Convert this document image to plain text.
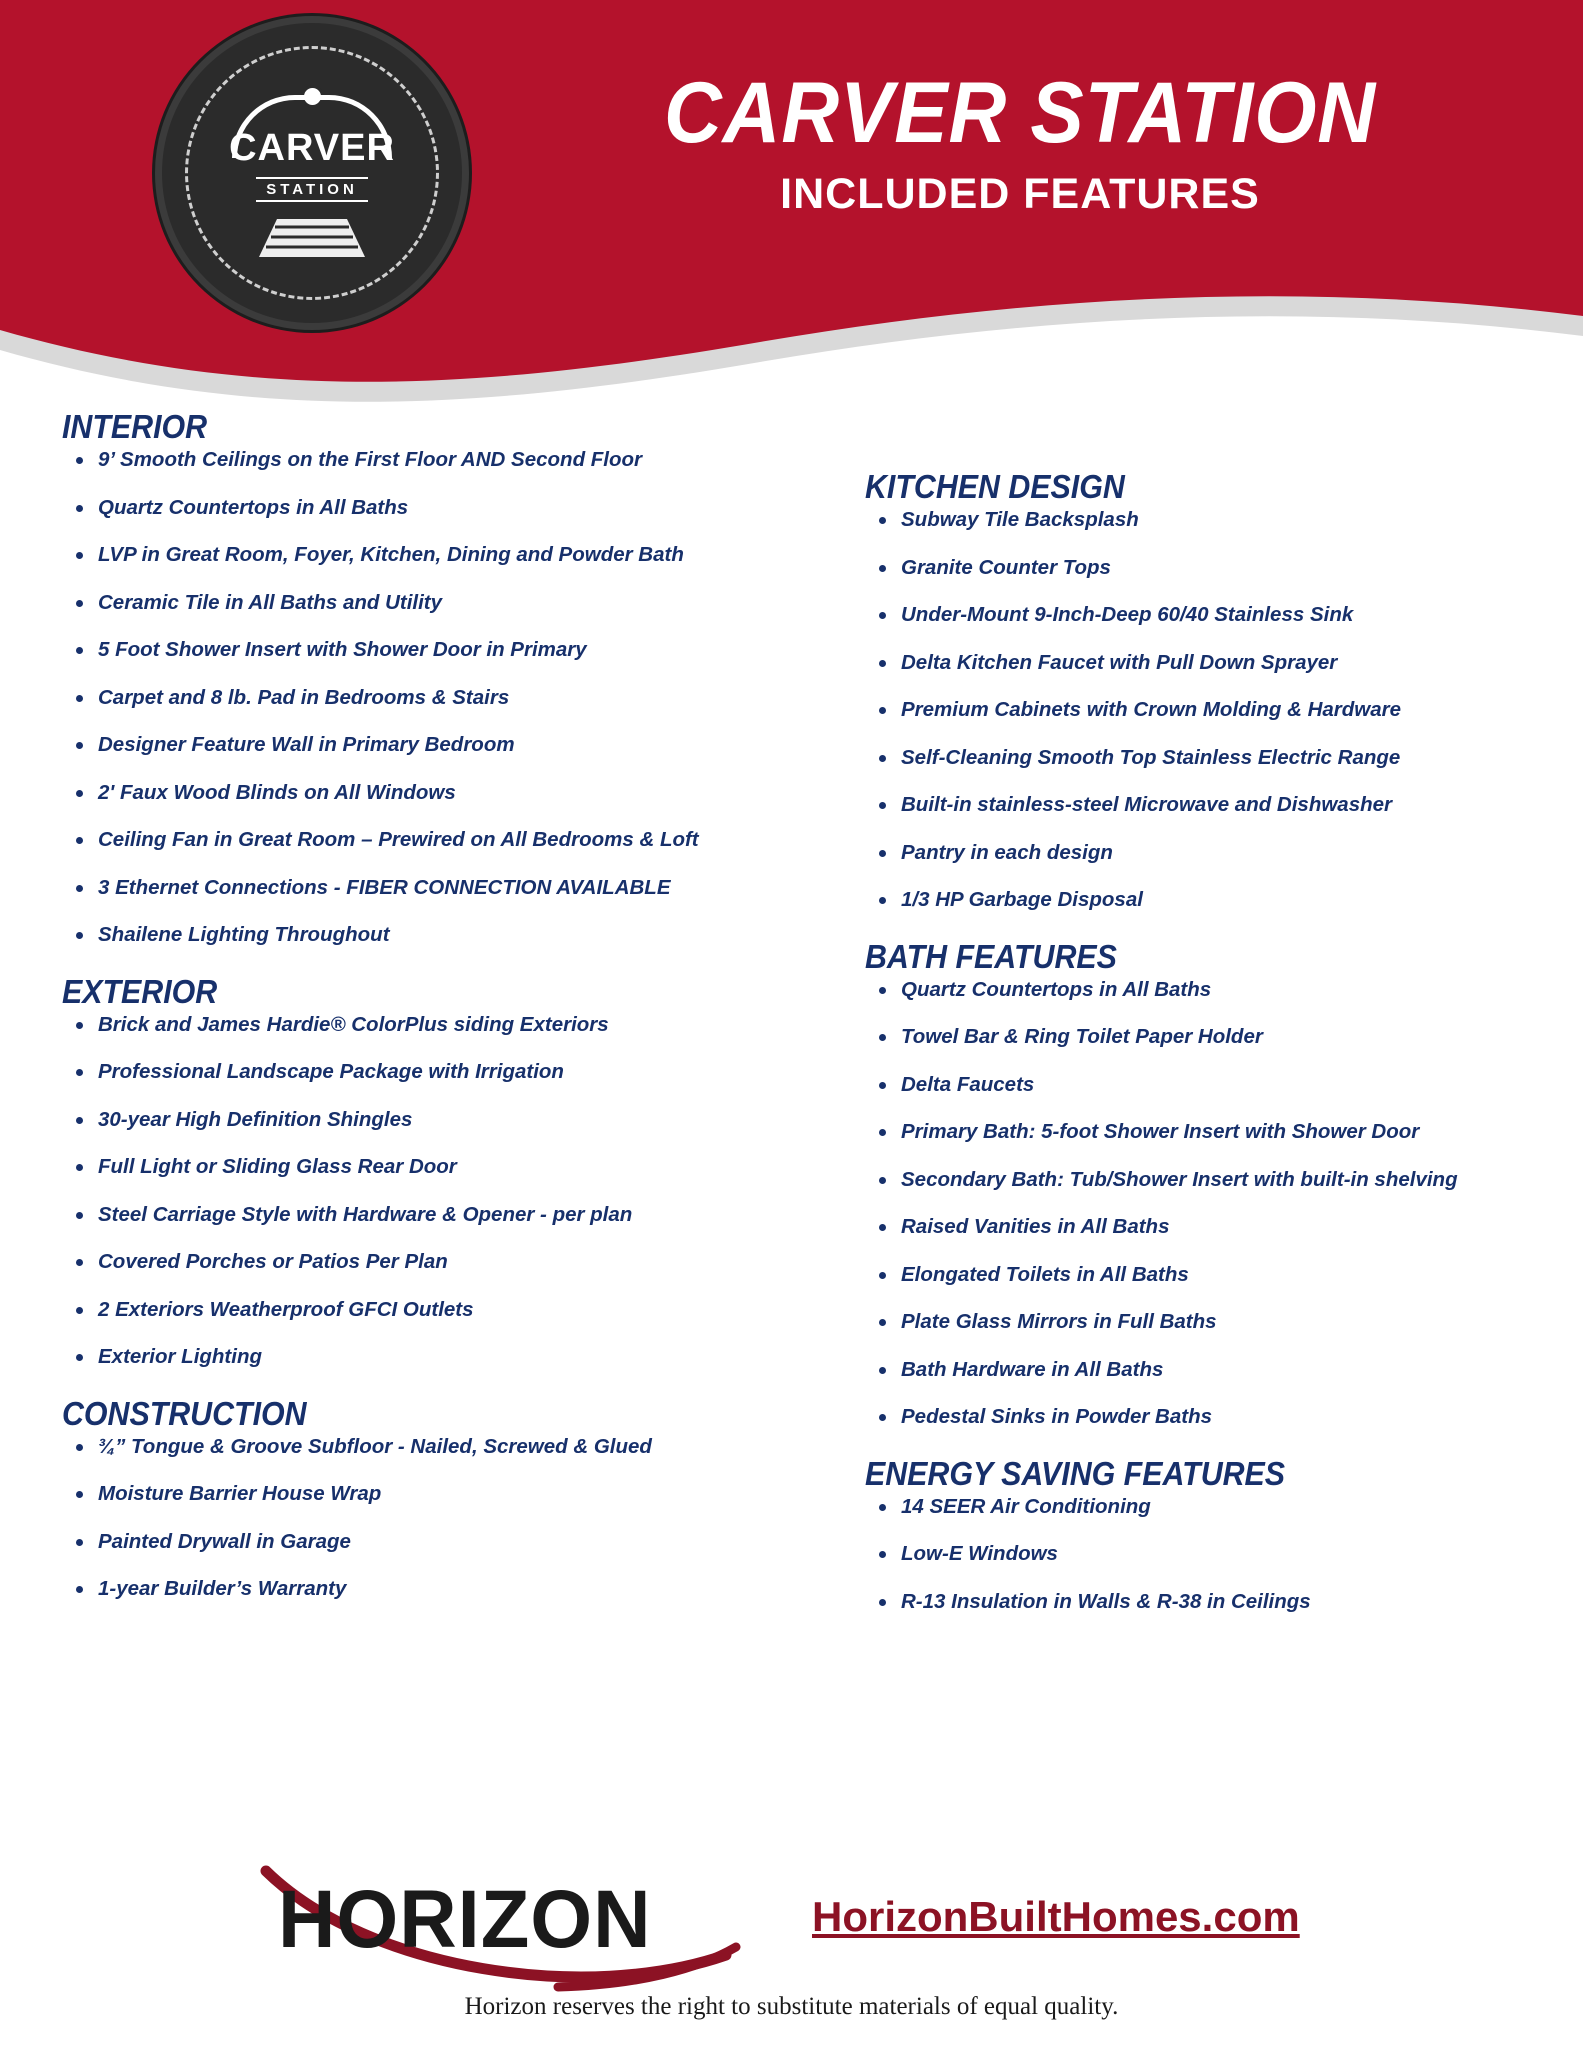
CARVER
STATION
CARVER STATION
INCLUDED FEATURES
INTERIOR
9’ Smooth Ceilings on the First Floor AND Second Floor
Quartz Countertops in All Baths
LVP in Great Room, Foyer, Kitchen, Dining and Powder Bath
Ceramic Tile in All Baths and Utility
5 Foot Shower Insert with Shower Door in Primary
Carpet and 8 lb. Pad in Bedrooms & Stairs
Designer Feature Wall in Primary Bedroom
2' Faux Wood Blinds on All Windows
Ceiling Fan in Great Room – Prewired on All Bedrooms & Loft
3 Ethernet Connections - FIBER CONNECTION AVAILABLE
Shailene Lighting Throughout
EXTERIOR
Brick and James Hardie® ColorPlus siding Exteriors
Professional Landscape Package with Irrigation
30-year High Definition Shingles
Full Light or Sliding Glass Rear Door
Steel Carriage Style with Hardware & Opener - per plan
Covered Porches or Patios Per Plan
2 Exteriors Weatherproof GFCI Outlets
Exterior Lighting
CONSTRUCTION
¾” Tongue & Groove Subfloor - Nailed, Screwed & Glued
Moisture Barrier House Wrap
Painted Drywall in Garage
1-year Builder’s Warranty
KITCHEN DESIGN
Subway Tile Backsplash
Granite Counter Tops
Under-Mount 9-Inch-Deep 60/40 Stainless Sink
Delta Kitchen Faucet with Pull Down Sprayer
Premium Cabinets with Crown Molding & Hardware
Self-Cleaning Smooth Top Stainless Electric Range
Built-in stainless-steel Microwave and Dishwasher
Pantry in each design
1/3 HP Garbage Disposal
BATH FEATURES
Quartz Countertops in All Baths
Towel Bar & Ring Toilet Paper Holder
Delta Faucets
Primary Bath: 5-foot Shower Insert with Shower Door
Secondary Bath: Tub/Shower Insert with built-in shelving
Raised Vanities in All Baths
Elongated Toilets in All Baths
Plate Glass Mirrors in Full Baths
Bath Hardware in All Baths
Pedestal Sinks in Powder Baths
ENERGY SAVING FEATURES
14 SEER Air Conditioning
Low-E Windows
R-13 Insulation in Walls & R-38 in Ceilings
HORIZON	HorizonBuiltHomes.com
Horizon reserves the right to substitute materials of equal quality.
